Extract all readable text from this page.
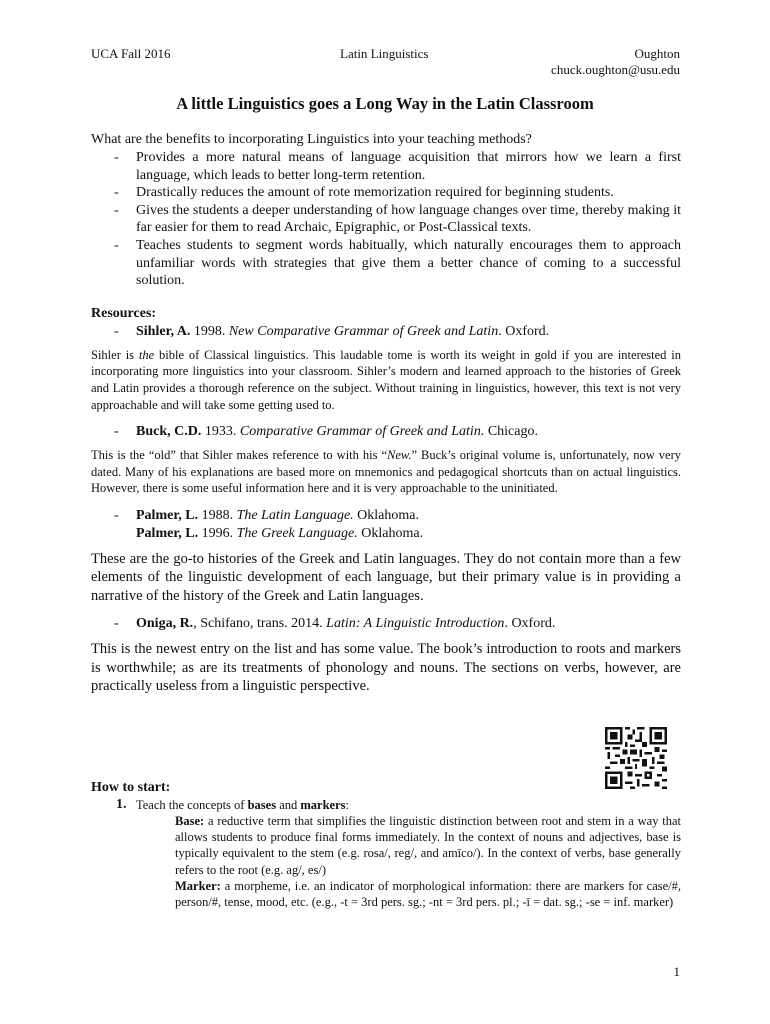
UCA Fall 2016	Latin Linguistics	Oughton
chuck.oughton@usu.edu
A little Linguistics goes a Long Way in the Latin Classroom

What are the benefits to incorporating Linguistics into your teaching methods?

- Provides a more natural means of language acquisition that mirrors how we learn a first language, which leads to better long-term retention.
- Drastically reduces the amount of rote memorization required for beginning students.
- Gives the students a deeper understanding of how language changes over time, thereby making it far easier for them to read Archaic, Epigraphic, or Post-Classical texts.
- Teaches students to segment words habitually, which naturally encourages them to approach unfamiliar words with strategies that give them a better chance of coming to a successful solution.
Resources:
- Sihler, A. 1998. New Comparative Grammar of Greek and Latin. Oxford.

Sihler is the bible of Classical linguistics. This laudable tome is worth its weight in gold if you are interested in incorporating more linguistics into your classroom. Sihler’s modern and learned approach to the histories of Greek and Latin provides a thorough reference on the subject. Without training in linguistics, however, this text is not very approachable and will take some getting used to.

- Buck, C.D. 1933. Comparative Grammar of Greek and Latin. Chicago.

This is the “old” that Sihler makes reference to with his “New.” Buck’s original volume is, unfortunately, now very dated. Many of his explanations are based more on mnemonics and pedagogical shortcuts than on actual linguistics. However, there is some useful information here and it is very approachable to the uninitiated.

- Palmer, L. 1988. The Latin Language. Oklahoma.
Palmer, L. 1996. The Greek Language. Oklahoma.

These are the go-to histories of the Greek and Latin languages. They do not contain more than a few elements of the linguistic development of each language, but their primary value is in providing a narrative of the history of the Greek and Latin languages.

- Oniga, R., Schifano, trans. 2014. Latin: A Linguistic Introduction. Oxford.

This is the newest entry on the list and has some value. The book’s introduction to roots and markers is worthwhile; as are its treatments of phonology and nouns. The sections on verbs, however, are practically useless from a linguistic perspective.

How to start:
1. Teach the concepts of bases and markers:

Base: a reductive term that simplifies the linguistic distinction between root and stem in a way that allows students to produce final forms immediately. In the context of nouns and adjectives, base is typically equivalent to the stem (e.g. rosa/, reg/, and amīco/). In the context of verbs, base generally refers to the root (e.g. ag/, es/)

Marker: a morpheme, i.e. an indicator of morphological information: there are markers for case/#, person/#, tense, mood, etc. (e.g., -t = 3rd pers. sg.; -nt = 3rd pers. pl.; -ī = dat. sg.; -se = inf. marker)

1
